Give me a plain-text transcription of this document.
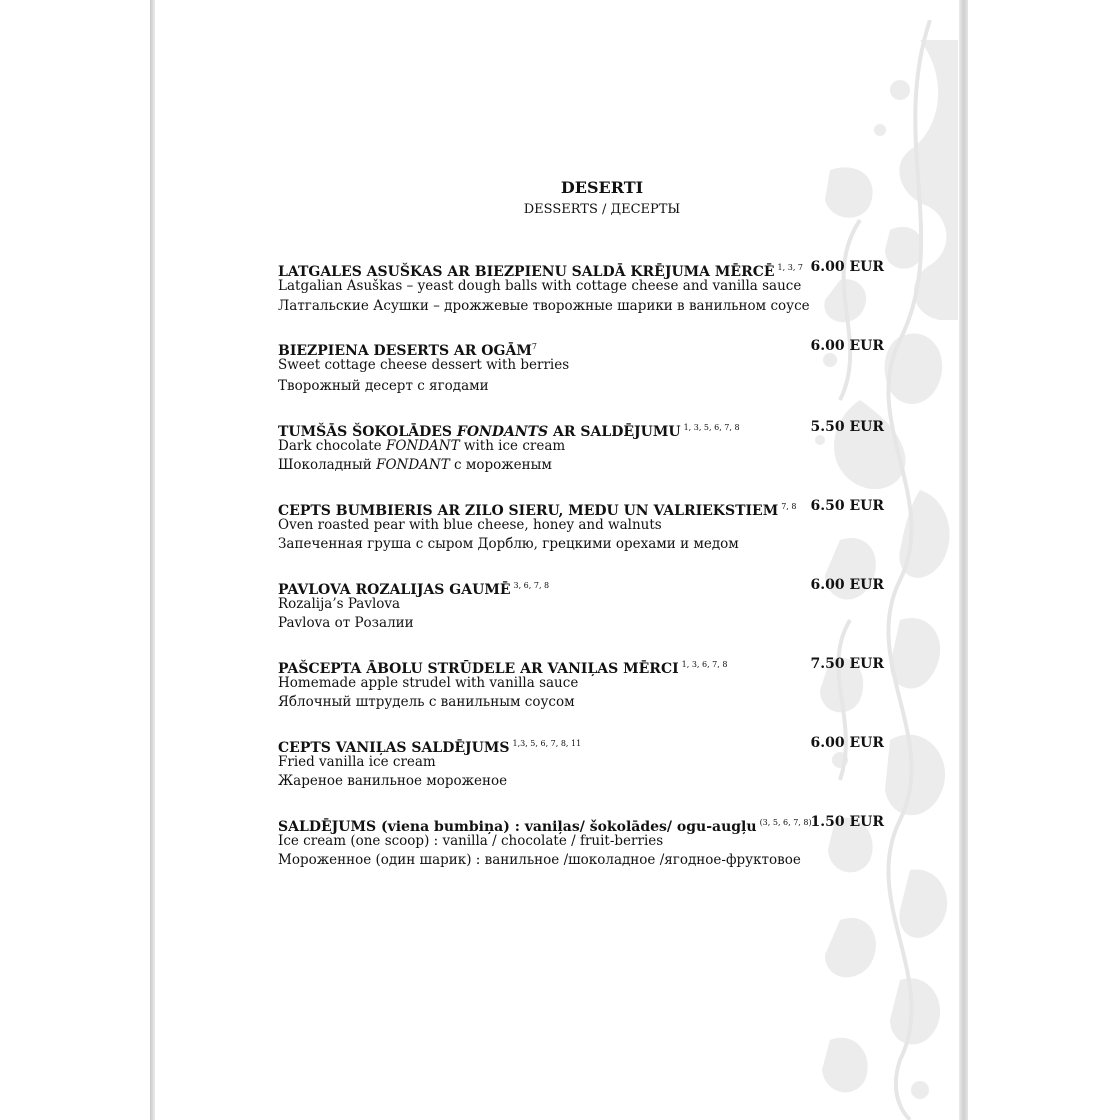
DESERTI
DESSERTS / ДЕСЕРТЫ
LATGALES ASUŠKAS AR BIEZPIENU SALDĀ KRĒJUMA MĒRCĒ $^{1, 3, 7}$ 6.00 EUR
Latgalian Asuškas – yeast dough balls with cottage cheese and vanilla sauce
Латгальские Асушки – дрожжевые творожные шарики в ванильном соусе
BIEZPIENA DESERTS AR OGĀM$^7$	6.00 EUR
Sweet cottage cheese dessert with berries
Творожный десерт с ягодами
TUMŠĀS ŠOKOLĀDES FONDANTS AR SALDĒJUMU $^{1, 3, 5, 6, 7, 8}$	5.50 EUR
Dark chocolate FONDANT with ice cream
Шоколадный FONDANT с мороженым
CEPTS BUMBIERIS AR ZILO SIERU, MEDU UN VALRIEKSTIEM $^{7, 8}$	6.50 EUR
Oven roasted pear with blue cheese, honey and walnuts
Запеченная груша с сыром Дорблю, грецкими орехами и медом
PAVLOVA ROZALIJAS GAUMĒ $^{3, 6, 7, 8}$	6.00 EUR
Rozalija’s Pavlova
Pavlova от Розалии
PAŠCEPTA ĀBOLU STRŪDELE AR VANIĻAS MĒRCI $^{1, 3, 6, 7, 8}$	7.50 EUR
Homemade apple strudel with vanilla sauce
Яблочный штрудель с ванильным соусом
CEPTS VANIĻAS SALDĒJUMS $^{1,3, 5, 6, 7, 8, 11}$	6.00 EUR
Fried vanilla ice cream
Жареное ванильное мороженое
SALDĒJUMS (viena bumbiņa) : vaniļas/ šokolādes/ ogu-augļu $^{(3, 5, 6, 7, 8)}$
1.50 EUR
Ice cream (one scoop) : vanilla / chocolate / fruit-berries
Мороженное (один шарик) : ванильное /шоколадное /ягодное-фруктовое
